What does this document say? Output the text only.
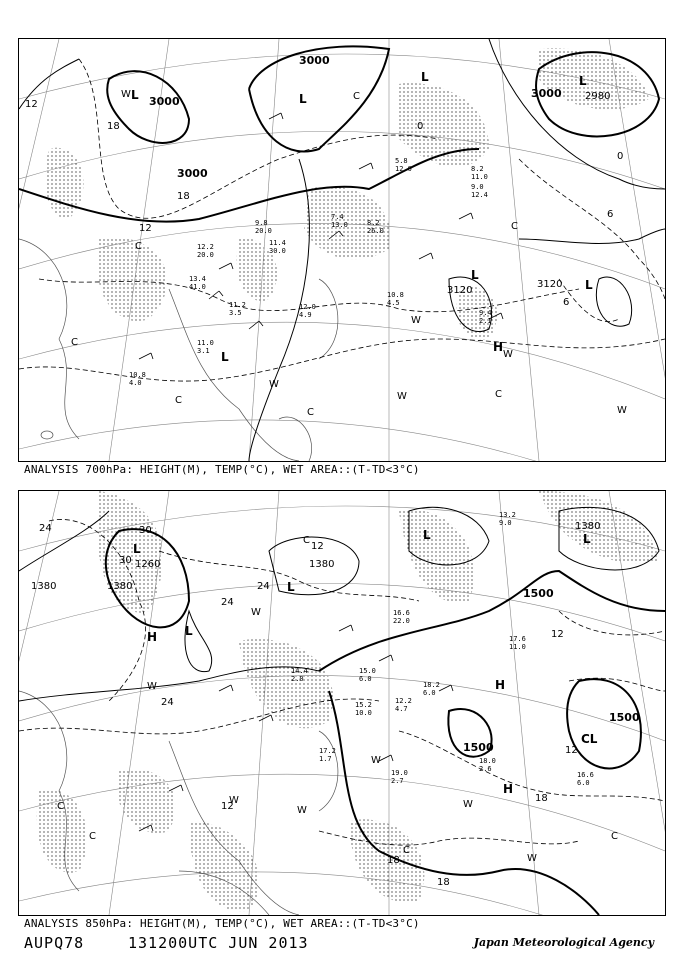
3000
3000
3000
3000 2980
3120
3120
12
18
18
12
6
0
0
6
L	L
L	L
L
L
L
H
W
C
C
C
C
C
W
W
W
W
W
C
C
12.2
20.0
13.4
41.0
11.2
3.5
11.0
3.1
10.8
4.0
9.8
20.0
11.4
30.0
8.2
26.0
10.8
4.5
12.0
4.9
5.8
12.0	8.2
11.0
9.0
12.4
9.4
2.1
7.4
13.0
ANALYSIS 700hPa: HEIGHT(M), TEMP(°C), WET AREA::(T-TD<3°C)
1380	1380
1380
1380
1500
1500
1500
1260
30
30
24
24
24
24
12
12
12
18
18
18
12
L
L
L
L	L
H
H
H
CL
W
W
W
W
W
W
W
C
C
C
C
C
18.2
6.0
19.0
2.7
18.0
2.6
15.2
10.0
14.4
2.0
16.6
22.0
17.2
1.7
15.0
6.0
12.2
4.7
16.6
6.0
13.2
9.0
17.6
11.0
ANALYSIS 850hPa: HEIGHT(M), TEMP(°C), WET AREA::(T-TD<3°C)
AUPQ78	131200UTC JUN 2013	Japan Meteorological Agency
